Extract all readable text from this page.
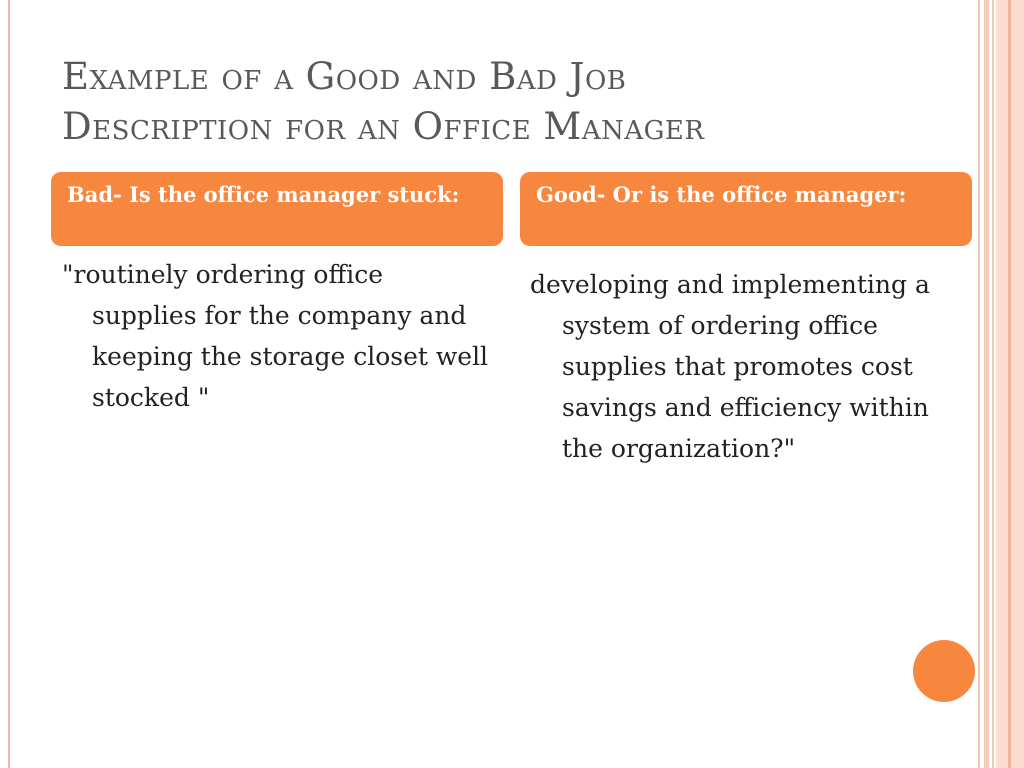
Example of a Good and Bad Job
Description for an Office Manager
Bad- Is the office manager stuck:	Good- Or is the office manager:
"routinely ordering office supplies for the company and keeping the storage closet well stocked "
developing and implementing a system of ordering office supplies that promotes cost savings and efficiency within the organization?"
